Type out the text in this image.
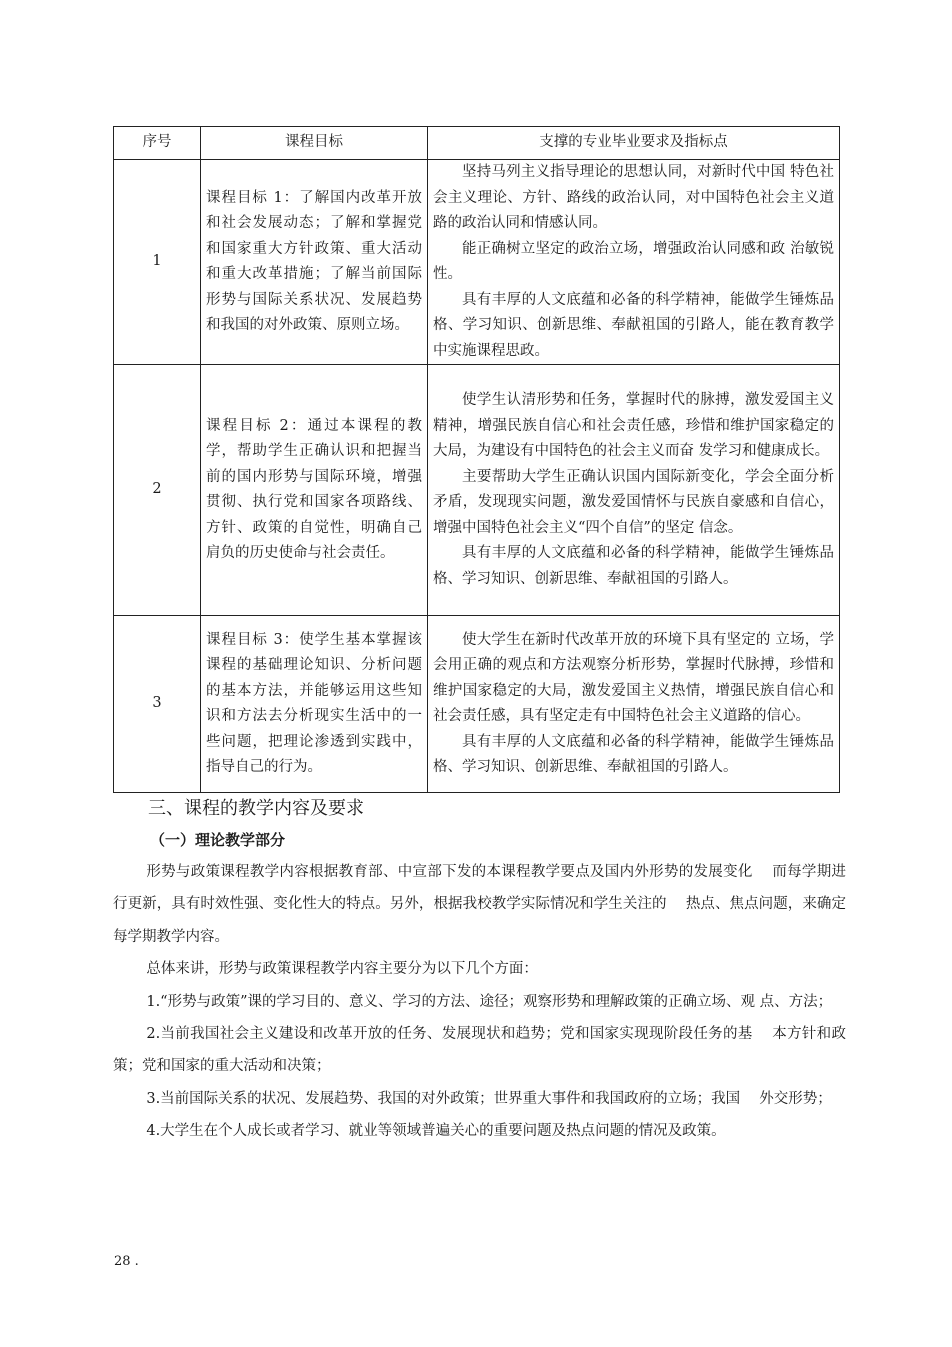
序号	课程目标	支撑的专业毕业要求及指标点
1	课程目标 1：了解国内改革开放和社会发展动态；了解和掌握党和国家重大方针政策、重大活动和重大改革措施；了解当前国际形势与国际关系状况、发展趋势和我国的对外政策、原则立场。	坚持马列主义指导理论的思想认同，对新时代中国 特色社会主义理论、方针、路线的政治认同，对中国特色社会主义道路的政治认同和情感认同。

能正确树立坚定的政治立场，增强政治认同感和政 治敏锐性。

具有丰厚的人文底蕴和必备的科学精神，能做学生锤炼品格、学习知识、创新思维、奉献祖国的引路人，能在教育教学中实施课程思政。

2	课程目标 2：通过本课程的教学，帮助学生正确认识和把握当前的国内形势与国际环境，增强贯彻、执行党和国家各项路线、方针、政策的自觉性，明确自己肩负的历史使命与社会责任。	使学生认清形势和任务，掌握时代的脉搏，激发爱国主义精神，增强民族自信心和社会责任感，珍惜和维护国家稳定的大局，为建设有中国特色的社会主义而奋 发学习和健康成长。

主要帮助大学生正确认识国内国际新变化，学会全面分析矛盾，发现现实问题，激发爱国情怀与民族自豪感和自信心，增强中国特色社会主义“四个自信”的坚定 信念。

具有丰厚的人文底蕴和必备的科学精神，能做学生锤炼品格、学习知识、创新思维、奉献祖国的引路人。

3	课程目标 3：使学生基本掌握该课程的基础理论知识、分析问题的基本方法，并能够运用这些知识和方法去分析现实生活中的一些问题，把理论渗透到实践中，指导自己的行为。	使大学生在新时代改革开放的环境下具有坚定的 立场，学会用正确的观点和方法观察分析形势，掌握时代脉搏，珍惜和维护国家稳定的大局，激发爱国主义热情，增强民族自信心和社会责任感，具有坚定走有中国特色社会主义道路的信心。

具有丰厚的人文底蕴和必备的科学精神，能做学生锤炼品格、学习知识、创新思维、奉献祖国的引路人。

三、课程的教学内容及要求
（一）理论教学部分

形势与政策课程教学内容根据教育部、中宣部下发的本课程教学要点及国内外形势的发展变化　 而每学期进行更新，具有时效性强、变化性大的特点。另外，根据我校教学实际情况和学生关注的　 热点、焦点问题，来确定每学期教学内容。

总体来讲，形势与政策课程教学内容主要分为以下几个方面：

1.“形势与政策”课的学习目的、意义、学习的方法、途径；观察形势和理解政策的正确立场、观 点、方法；

2.当前我国社会主义建设和改革开放的任务、发展现状和趋势；党和国家实现现阶段任务的基　 本方针和政策；党和国家的重大活动和决策；

3.当前国际关系的状况、发展趋势、我国的对外政策；世界重大事件和我国政府的立场；我国　 外交形势；

4.大学生在个人成长或者学习、就业等领域普遍关心的重要问题及热点问题的情况及政策。

28 .
